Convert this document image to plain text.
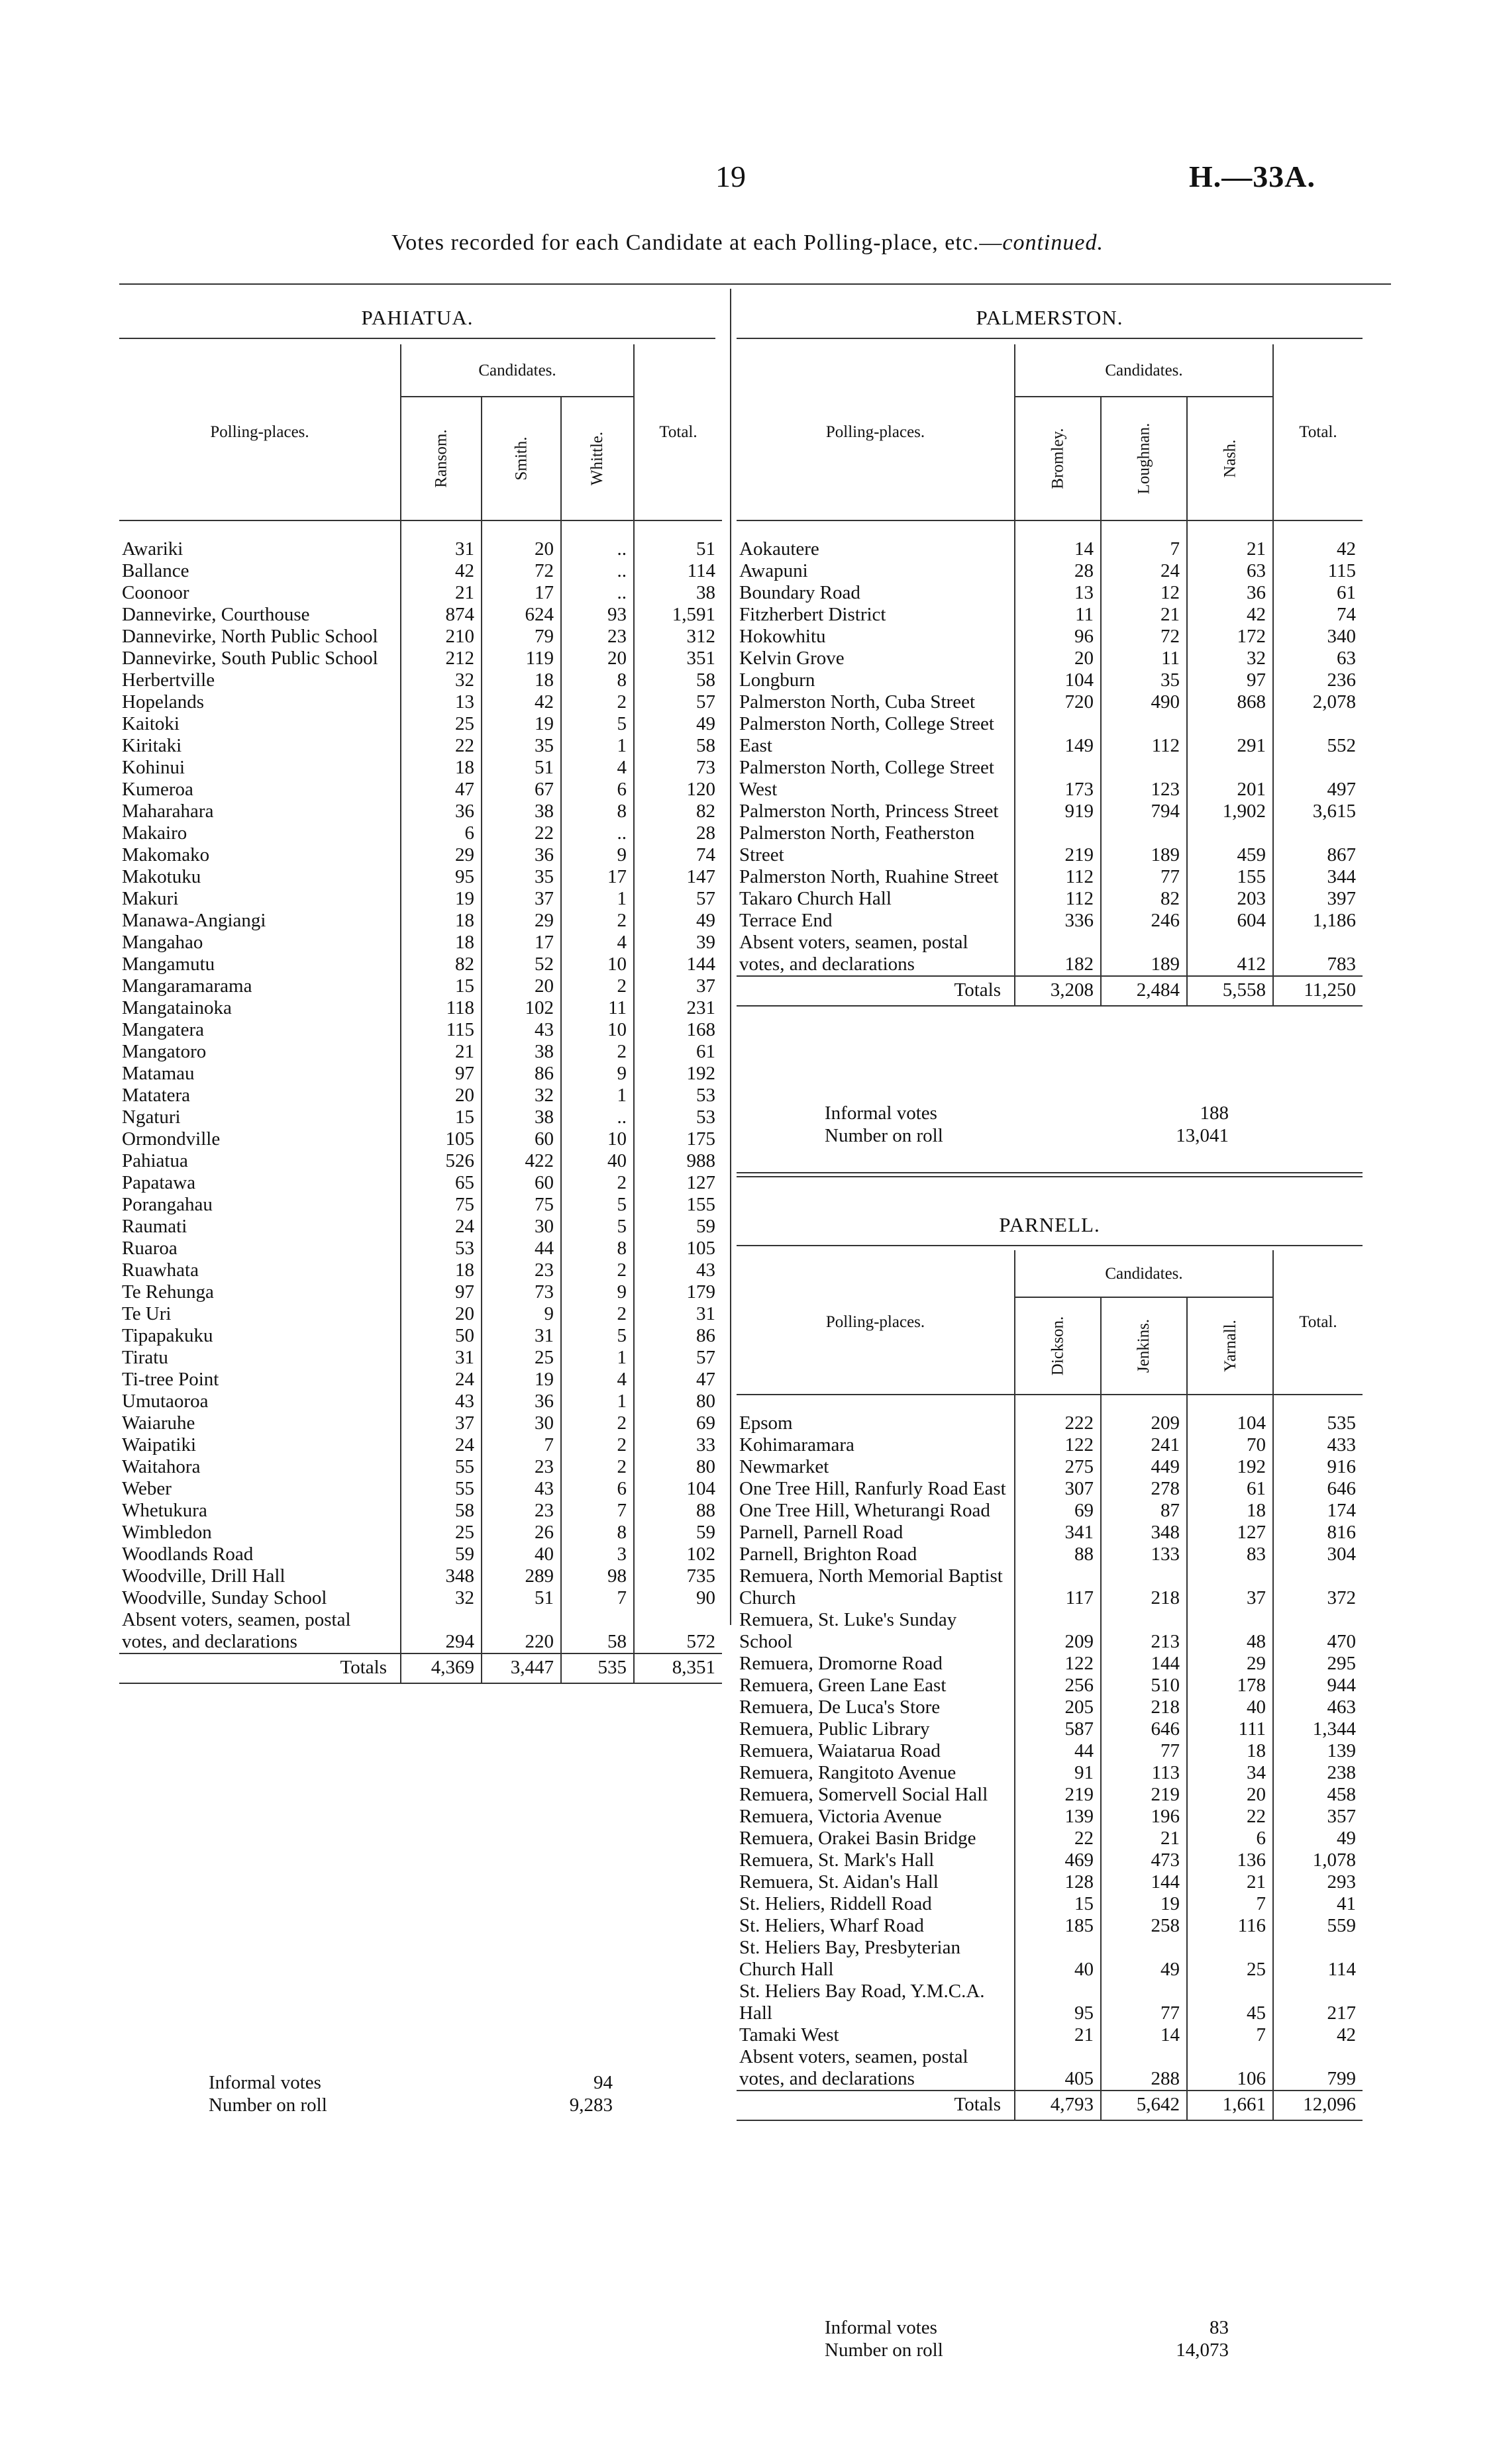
19	H.—33A.
Votes recorded for each Candidate at each Polling-place, etc.—continued.
PAHIATUA.
Polling-places.	Candidates.			Total.
	Ransom.	Smith.	Whittle.	
Awariki	31	20	..	51
Ballance	42	72	..	114
Coonoor	21	17	..	38
Dannevirke, Courthouse	874	624	93	1,591
Dannevirke, North Public School	210	79	23	312
Dannevirke, South Public School	212	119	20	351
Herbertville	32	18	8	58
Hopelands	13	42	2	57
Kaitoki	25	19	5	49
Kiritaki	22	35	1	58
Kohinui	18	51	4	73
Kumeroa	47	67	6	120
Maharahara	36	38	8	82
Makairo	6	22	..	28
Makomako	29	36	9	74
Makotuku	95	35	17	147
Makuri	19	37	1	57
Manawa-Angiangi	18	29	2	49
Mangahao	18	17	4	39
Mangamutu	82	52	10	144
Mangaramarama	15	20	2	37
Mangatainoka	118	102	11	231
Mangatera	115	43	10	168
Mangatoro	21	38	2	61
Matamau	97	86	9	192
Matatera	20	32	1	53
Ngaturi	15	38	..	53
Ormondville	105	60	10	175
Pahiatua	526	422	40	988
Papatawa	65	60	2	127
Porangahau	75	75	5	155
Raumati	24	30	5	59
Ruaroa	53	44	8	105
Ruawhata	18	23	2	43
Te Rehunga	97	73	9	179
Te Uri	20	9	2	31
Tipapakuku	50	31	5	86
Tiratu	31	25	1	57
Ti-tree Point	24	19	4	47
Umutaoroa	43	36	1	80
Waiaruhe	37	30	2	69
Waipatiki	24	7	2	33
Waitahora	55	23	2	80
Weber	55	43	6	104
Whetukura	58	23	7	88
Wimbledon	25	26	8	59
Woodlands Road	59	40	3	102
Woodville, Drill Hall	348	289	98	735
Woodville, Sunday School	32	51	7	90
Absent voters, seamen, postal votes, and declarations	294	220	58	572
Totals	4,369	3,447	535	8,351
Informal votes	94
Number on roll	9,283
PALMERSTON.
Polling-places.	Candidates.			Total.
	Bromley.	Loughnan.	Nash.	
Aokautere	14	7	21	42
Awapuni	28	24	63	115
Boundary Road	13	12	36	61
Fitzherbert District	11	21	42	74
Hokowhitu	96	72	172	340
Kelvin Grove	20	11	32	63
Longburn	104	35	97	236
Palmerston North, Cuba Street	720	490	868	2,078
Palmerston North, College Street East	149	112	291	552
Palmerston North, College Street West	173	123	201	497
Palmerston North, Princess Street	919	794	1,902	3,615
Palmerston North, Featherston Street	219	189	459	867
Palmerston North, Ruahine Street	112	77	155	344
Takaro Church Hall	112	82	203	397
Terrace End	336	246	604	1,186
Absent voters, seamen, postal votes, and declarations	182	189	412	783
Totals	3,208	2,484	5,558	11,250
Informal votes	188
Number on roll	13,041
PARNELL.
Polling-places.	Candidates.			Total.
	Dickson.	Jenkins.	Yarnall.	
Epsom	222	209	104	535
Kohimaramara	122	241	70	433
Newmarket	275	449	192	916
One Tree Hill, Ranfurly Road East	307	278	61	646
One Tree Hill, Wheturangi Road	69	87	18	174
Parnell, Parnell Road	341	348	127	816
Parnell, Brighton Road	88	133	83	304
Remuera, North Memorial Baptist Church	117	218	37	372
Remuera, St. Luke's Sunday School	209	213	48	470
Remuera, Dromorne Road	122	144	29	295
Remuera, Green Lane East	256	510	178	944
Remuera, De Luca's Store	205	218	40	463
Remuera, Public Library	587	646	111	1,344
Remuera, Waiatarua Road	44	77	18	139
Remuera, Rangitoto Avenue	91	113	34	238
Remuera, Somervell Social Hall	219	219	20	458
Remuera, Victoria Avenue	139	196	22	357
Remuera, Orakei Basin Bridge	22	21	6	49
Remuera, St. Mark's Hall	469	473	136	1,078
Remuera, St. Aidan's Hall	128	144	21	293
St. Heliers, Riddell Road	15	19	7	41
St. Heliers, Wharf Road	185	258	116	559
St. Heliers Bay, Presbyterian Church Hall	40	49	25	114
St. Heliers Bay Road, Y.M.C.A. Hall	95	77	45	217
Tamaki West	21	14	7	42
Absent voters, seamen, postal votes, and declarations	405	288	106	799
Totals	4,793	5,642	1,661	12,096
Informal votes	83
Number on roll	14,073
